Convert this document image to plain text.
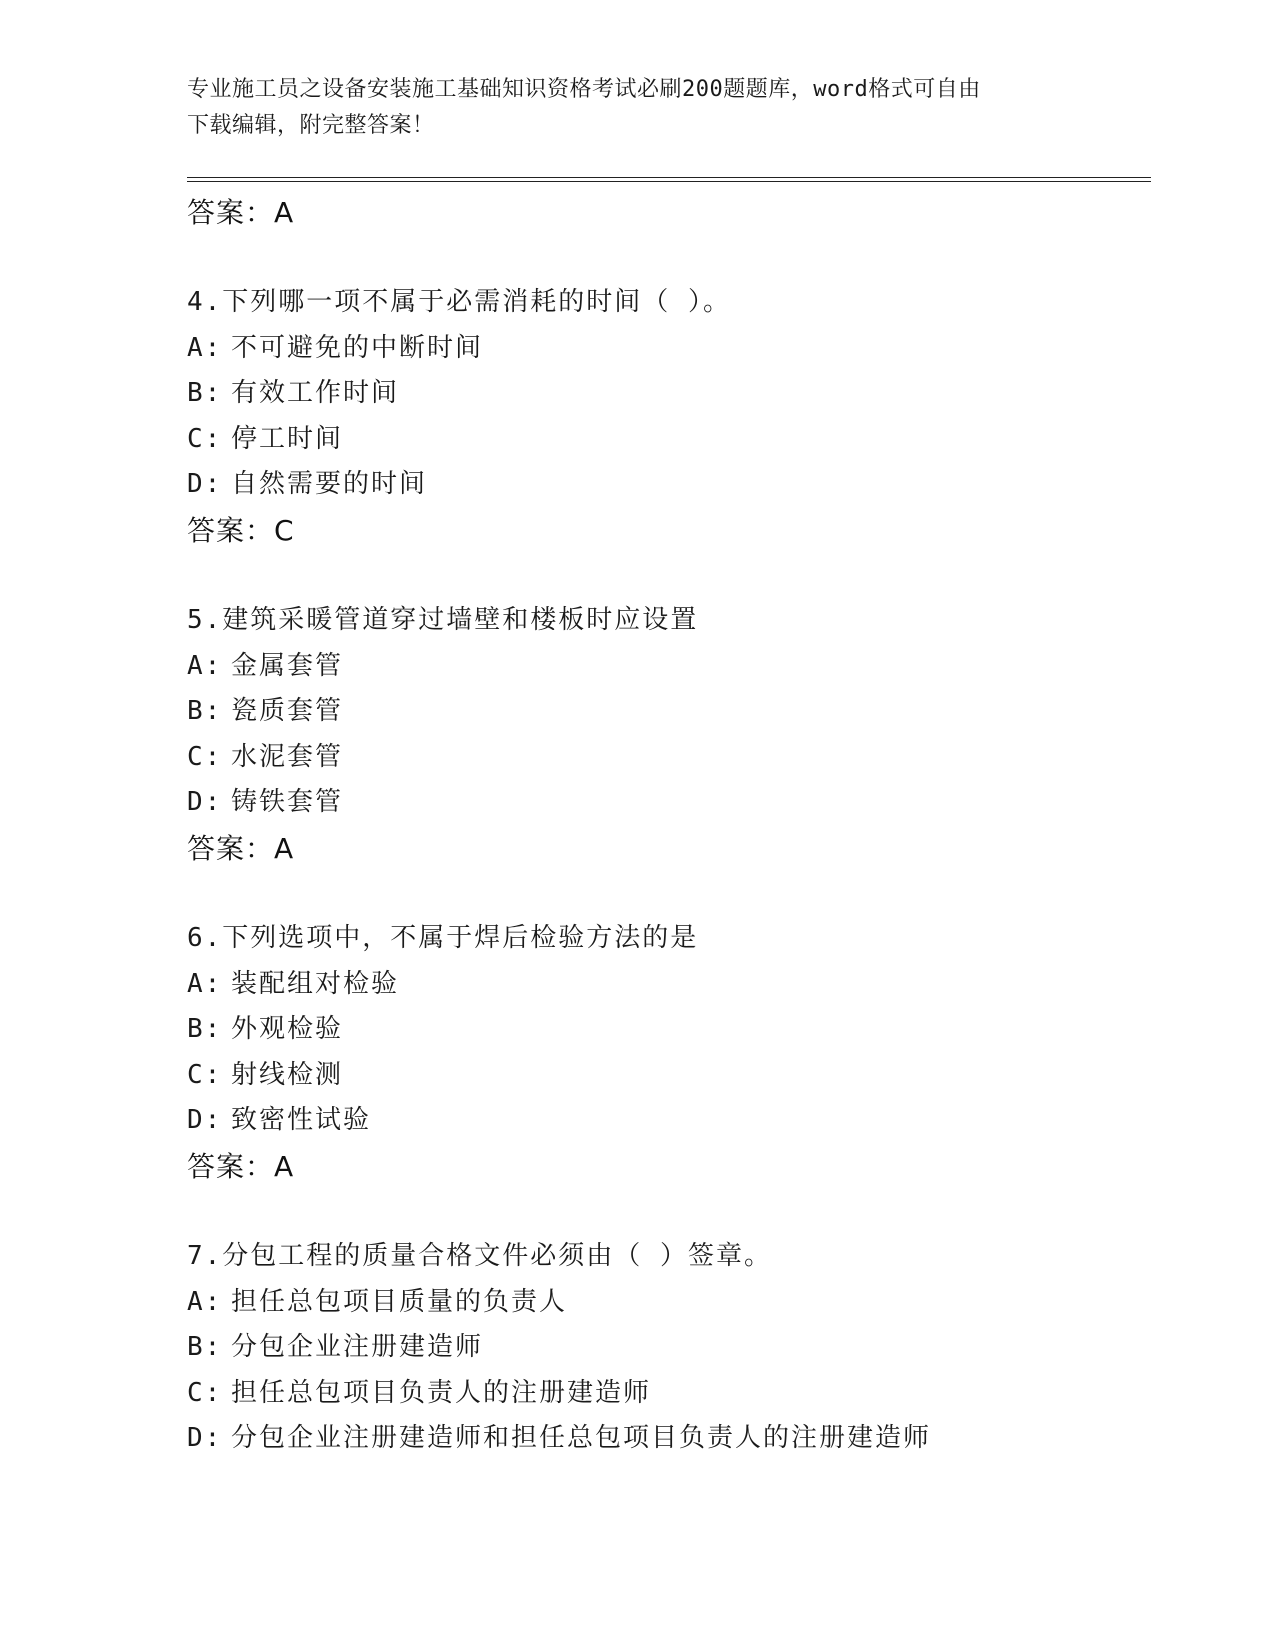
专业施工员之设备安装施工基础知识资格考试必刷200题题库，word格式可自由
下载编辑，附完整答案！
答案：A
4.下列哪一项不属于必需消耗的时间（ ）。
A: 不可避免的中断时间
B: 有效工作时间
C: 停工时间
D: 自然需要的时间
答案：C
5.建筑采暖管道穿过墙壁和楼板时应设置
A: 金属套管
B: 瓷质套管
C: 水泥套管
D: 铸铁套管
答案：A
6.下列选项中，不属于焊后检验方法的是
A: 装配组对检验
B: 外观检验
C: 射线检测
D: 致密性试验
答案：A
7.分包工程的质量合格文件必须由（ ）签章。
A: 担任总包项目质量的负责人
B: 分包企业注册建造师
C: 担任总包项目负责人的注册建造师
D: 分包企业注册建造师和担任总包项目负责人的注册建造师
